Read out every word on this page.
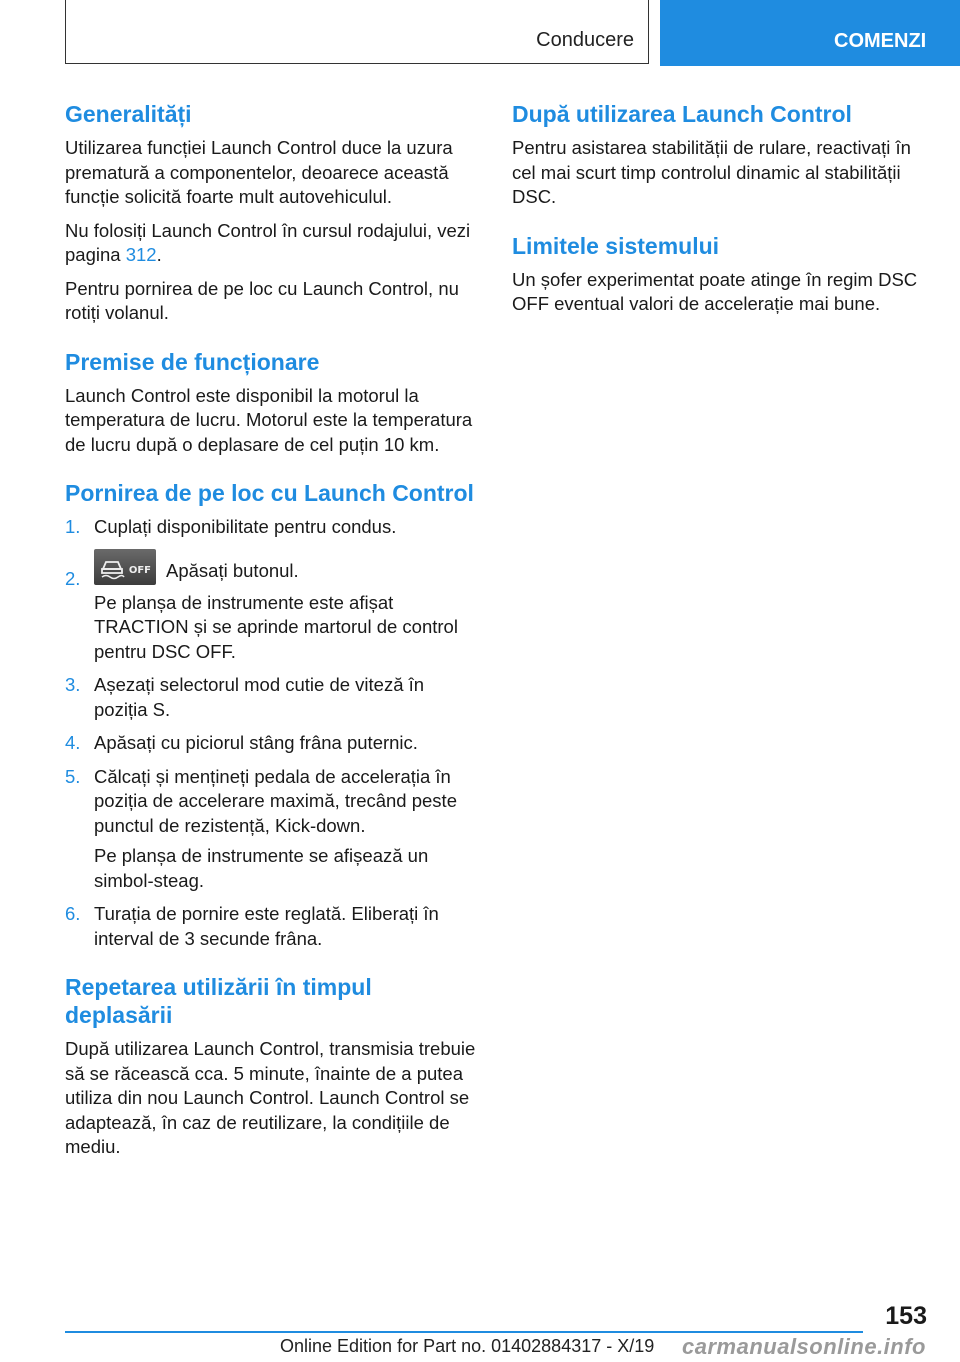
Conducere	COMENZI
Generalități

Utilizarea funcției Launch Control duce la uzura prematură a componentelor, deoarece această funcție solicită foarte mult autovehiculul.

Nu folosiți Launch Control în cursul rodajului, vezi pagina 312.

Pentru pornirea de pe loc cu Launch Control, nu rotiți volanul.

Premise de funcționare

Launch Control este disponibil la motorul la temperatura de lucru. Motorul este la temperatura de lucru după o deplasare de cel puțin 10 km.

Pornirea de pe loc cu Launch Control
1. Cuplați disponibilitate pentru condus.

2.	OFF Apăsați butonul.

Pe planșa de instrumente este afișat TRACTION și se aprinde martorul de control pentru DSC OFF.

3. Așezați selectorul mod cutie de viteză în poziția S.

4. Apăsați cu piciorul stâng frâna puternic.

5. Călcați și mențineți pedala de accelerația în poziția de accelerare maximă, trecând peste punctul de rezistență, Kick-down.

Pe planșa de instrumente se afișează un simbol-steag.

6. Turația de pornire este reglată. Eliberați în interval de 3 secunde frâna.

Repetarea utilizării în timpul deplasării

După utilizarea Launch Control, transmisia trebuie să se răcească cca. 5 minute, înainte de a putea utiliza din nou Launch Control. Launch Control se adaptează, în caz de reutilizare, la condițiile de mediu.

După utilizarea Launch Control

Pentru asistarea stabilității de rulare, reactivați în cel mai scurt timp controlul dinamic al stabilității DSC.

Limitele sistemului

Un șofer experimentat poate atinge în regim DSC OFF eventual valori de accelerație mai bune.

153
Online Edition for Part no. 01402884317 - X/19 carmanualsonline.info
